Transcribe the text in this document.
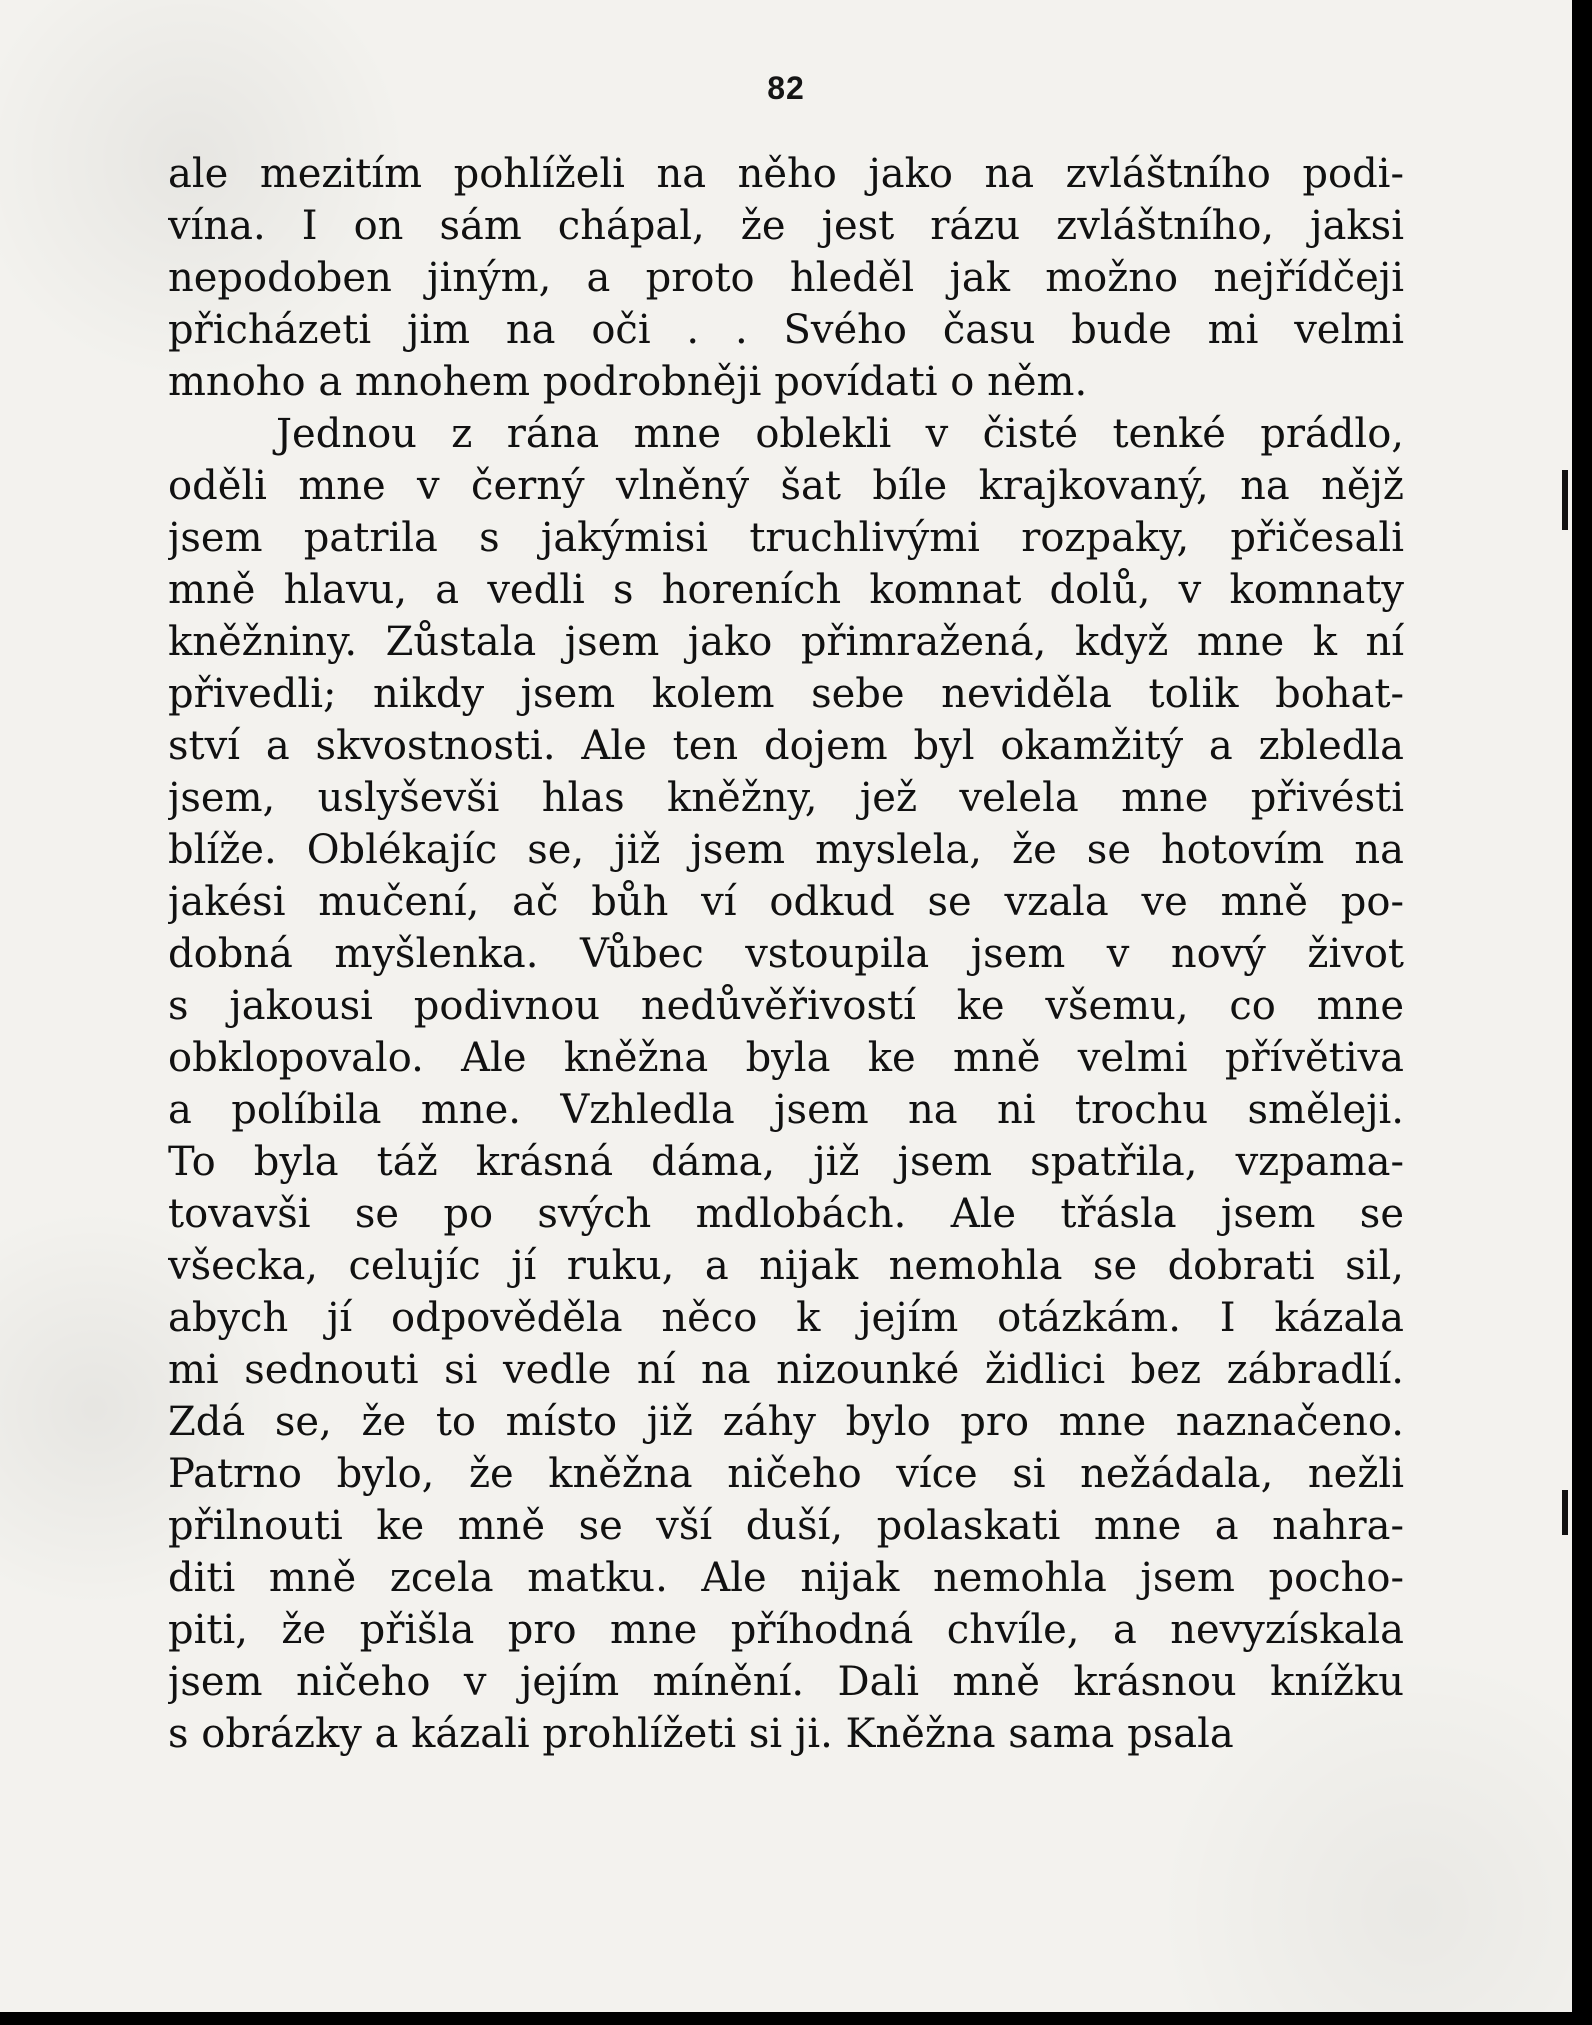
82
ale mezitím pohlíželi na něho jako na zvláštního podi-
vína. I on sám chápal, že jest rázu zvláštního, jaksi
nepodoben jiným, a proto hleděl jak možno nejřídčeji
přicházeti jim na oči . . Svého času bude mi velmi
mnoho a mnohem podrobněji povídati o něm.
Jednou z rána mne oblekli v čisté tenké prádlo,
oděli mne v černý vlněný šat bíle krajkovaný, na nějž
jsem patrila s jakýmisi truchlivými rozpaky, přičesali
mně hlavu, a vedli s horeních komnat dolů, v komnaty
kněžniny. Zůstala jsem jako přimražená, když mne k ní
přivedli; nikdy jsem kolem sebe neviděla tolik bohat-
ství a skvostnosti. Ale ten dojem byl okamžitý a zbledla
jsem, uslyševši hlas kněžny, jež velela mne přivésti
blíže. Oblékajíc se, již jsem myslela, že se hotovím na
jakési mučení, ač bůh ví odkud se vzala ve mně po-
dobná myšlenka. Vůbec vstoupila jsem v nový život
s jakousi podivnou nedůvěřivostí ke všemu, co mne
obklopovalo. Ale kněžna byla ke mně velmi přívětiva
a políbila mne. Vzhledla jsem na ni trochu směleji.
To byla táž krásná dáma, již jsem spatřila, vzpama-
tovavši se po svých mdlobách. Ale třásla jsem se
všecka, celujíc jí ruku, a nijak nemohla se dobrati sil,
abych jí odpověděla něco k jejím otázkám. I kázala
mi sednouti si vedle ní na nizounké židlici bez zábradlí.
Zdá se, že to místo již záhy bylo pro mne naznačeno.
Patrno bylo, že kněžna ničeho více si nežádala, nežli
přilnouti ke mně se vší duší, polaskati mne a nahra-
diti mně zcela matku. Ale nijak nemohla jsem pocho-
piti, že přišla pro mne příhodná chvíle, a nevyzískala
jsem ničeho v jejím mínění. Dali mně krásnou knížku
s obrázky a kázali prohlížeti si ji. Kněžna sama psala
